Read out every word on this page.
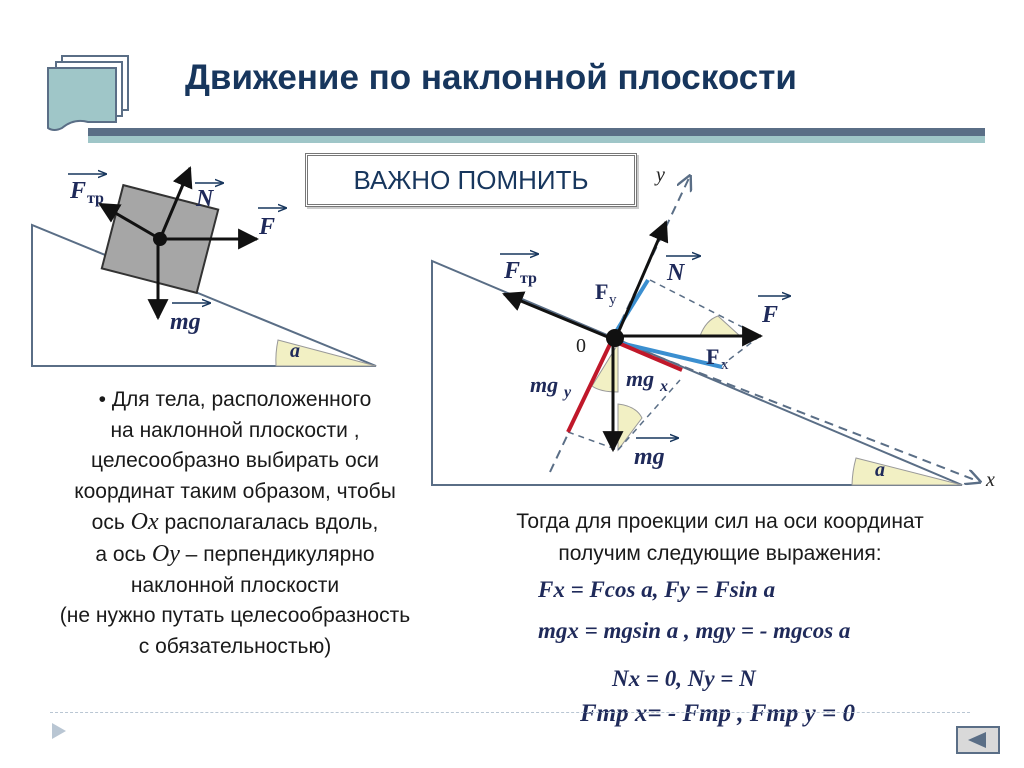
Движение по наклонной плоскости
ВАЖНО ПОМНИТЬ
F тр	N
F
mg
a
y
x
0
F тр	N
F
F y
F x
mg x
mg y
mg	a
• Для тела, расположенного
на наклонной плоскости ,
целесообразно выбирать оси
координат таким образом, чтобы
ось Ox располагалась вдоль,
а ось Oy – перпендикулярно
наклонной плоскости
(не нужно путать целесообразность
с обязательностью)
Тогда для проекции сил на оси координат
получим следующие выражения:
Fx = Fcos a, Fy = Fsin a
mgx = mgsin a , mgy = - mgcos a
Nx = 0, Ny = N
Fтр x= - Fтр , Fтр y = 0
